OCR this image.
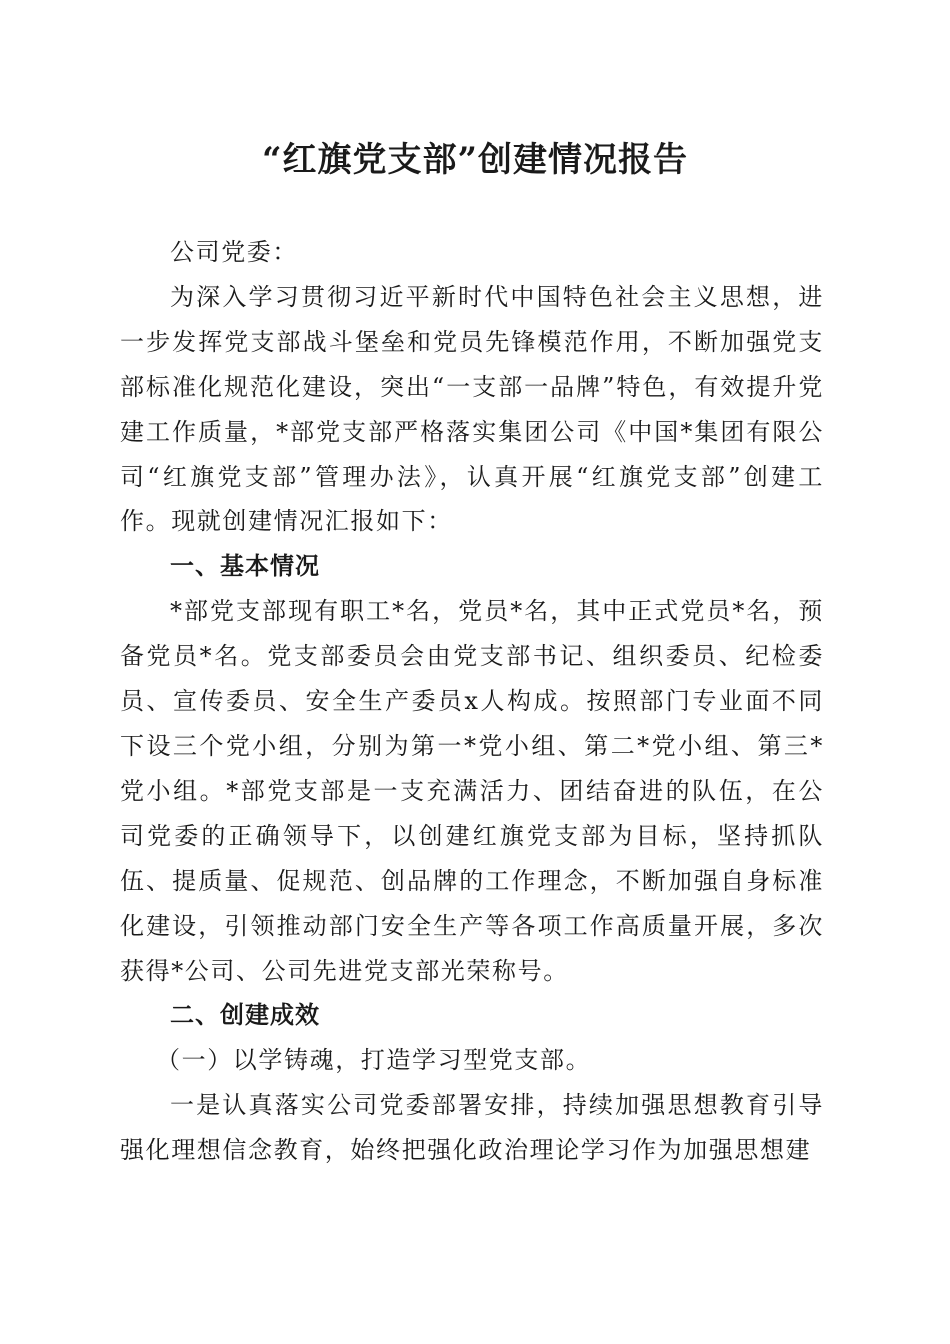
“红旗党支部”创建情况报告

公司党委：

为深入学习贯彻习近平新时代中国特色社会主义思想，进一步发挥党支部战斗堡垒和党员先锋模范作用，不断加强党支部标准化规范化建设，突出“一支部一品牌”特色，有效提升党建工作质量，*部党支部严格落实集团公司《中国*集团有限公司“红旗党支部”管理办法》，认真开展“红旗党支部”创建工作。现就创建情况汇报如下：

一、基本情况

*部党支部现有职工*名，党员*名，其中正式党员*名，预备党员*名。党支部委员会由党支部书记、组织委员、纪检委员、宣传委员、安全生产委员x人构成。按照部门专业面不同下设三个党小组，分别为第一*党小组、第二*党小组、第三*党小组。*部党支部是一支充满活力、团结奋进的队伍，在公司党委的正确领导下，以创建红旗党支部为目标，坚持抓队伍、提质量、促规范、创品牌的工作理念，不断加强自身标准化建设，引领推动部门安全生产等各项工作高质量开展，多次获得*公司、公司先进党支部光荣称号。

二、创建成效

（一）以学铸魂，打造学习型党支部。

一是认真落实公司党委部署安排，持续加强思想教育引导强化理想信念教育，始终把强化政治理论学习作为加强思想建
